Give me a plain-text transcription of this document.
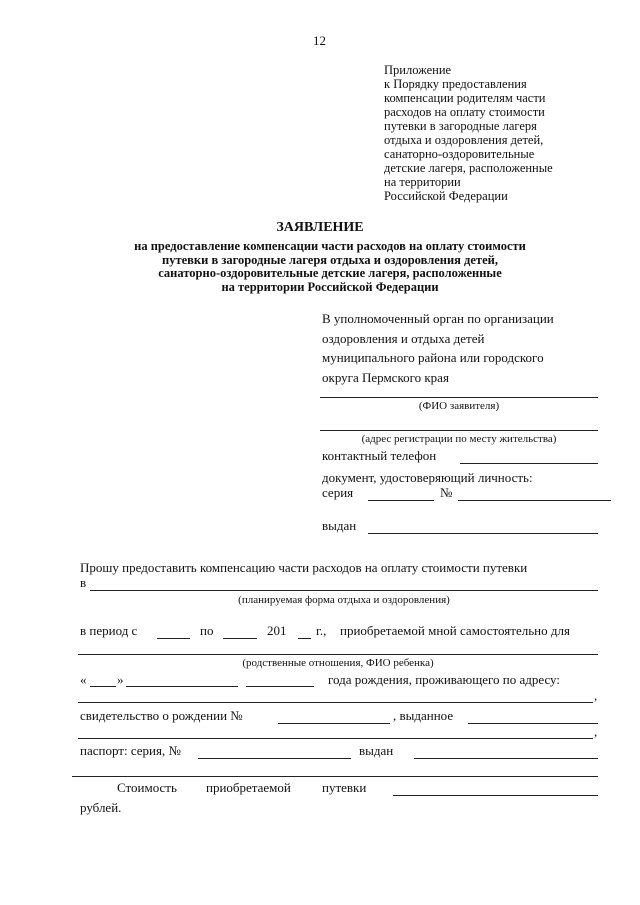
12
Приложение
к Порядку предоставления
компенсации родителям части
расходов на оплату стоимости
путевки в загородные лагеря
отдыха и оздоровления детей,
санаторно-оздоровительные
детские лагеря, расположенные
на территории
Российской Федерации
ЗАЯВЛЕНИЕ
на предоставление компенсации части расходов на оплату стоимости
путевки в загородные лагеря отдыха и оздоровления детей,
санаторно-оздоровительные детские лагеря, расположенные
на территории Российской Федерации
В уполномоченный орган по организации
оздоровления и отдыха детей
муниципального района или городского
округа Пермского края
(ФИО заявителя)
(адрес регистрации по месту жительства)
контактный телефон
документ, удостоверяющий личность:
серия	№
выдан
Прошу предоставить компенсацию части расходов на оплату стоимости путевки
в
(планируемая форма отдыха и оздоровления)
в период с	по	201 г., приобретаемой мной самостоятельно для
(родственные отношения, ФИО ребенка)
« »	года рождения, проживающего по адресу:
,
свидетельство о рождении №	, выданное
,
паспорт: серия, №	выдан
Стоимость приобретаемой путевки
рублей.
